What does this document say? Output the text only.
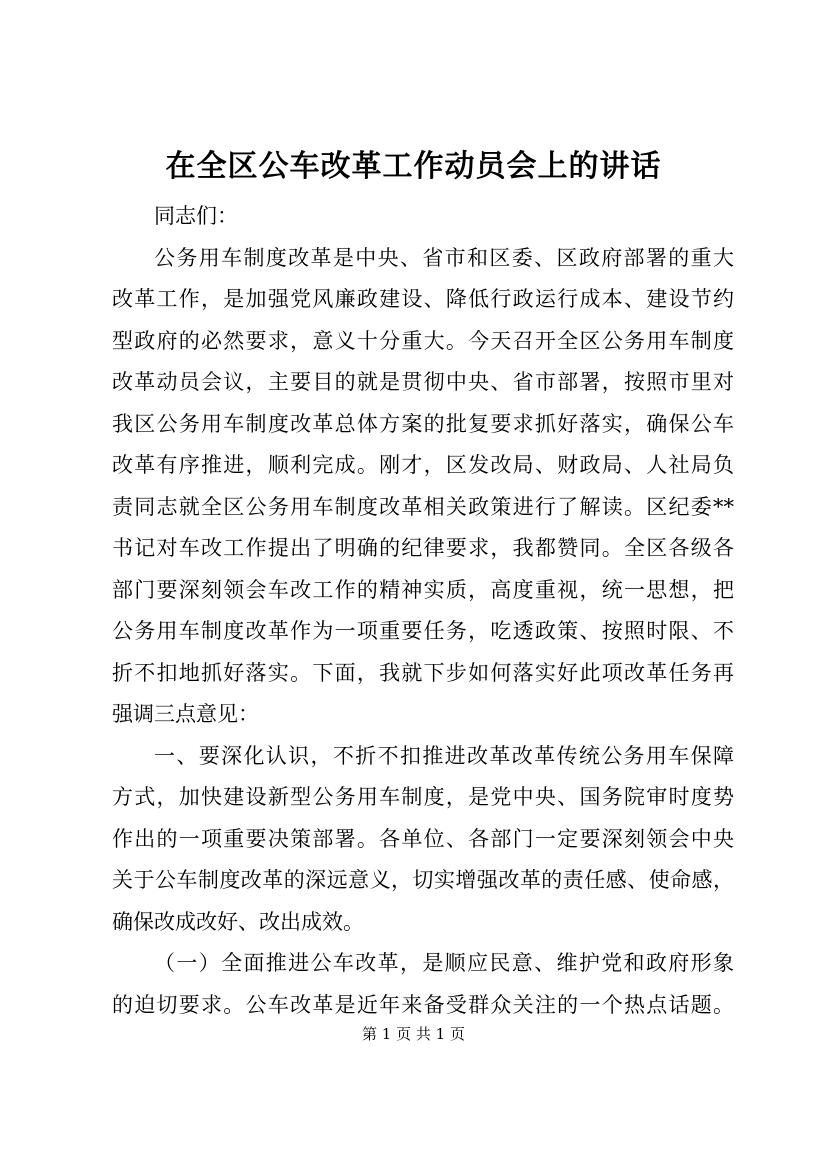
在全区公车改革工作动员会上的讲话
同志们：
公务用车制度改革是中央、省市和区委、区政府部署的重大
改革工作，是加强党风廉政建设、降低行政运行成本、建设节约
型政府的必然要求，意义十分重大。今天召开全区公务用车制度
改革动员会议，主要目的就是贯彻中央、省市部署，按照市里对
我区公务用车制度改革总体方案的批复要求抓好落实，确保公车
改革有序推进，顺利完成。刚才，区发改局、财政局、人社局负
责同志就全区公务用车制度改革相关政策进行了解读。区纪委**
书记对车改工作提出了明确的纪律要求，我都赞同。全区各级各
部门要深刻领会车改工作的精神实质，高度重视，统一思想，把
公务用车制度改革作为一项重要任务，吃透政策、按照时限、不
折不扣地抓好落实。下面，我就下步如何落实好此项改革任务再
强调三点意见：
一、要深化认识，不折不扣推进改革改革传统公务用车保障
方式，加快建设新型公务用车制度，是党中央、国务院审时度势
作出的一项重要决策部署。各单位、各部门一定要深刻领会中央
关于公车制度改革的深远意义，切实增强改革的责任感、使命感，
确保改成改好、改出成效。
（一）全面推进公车改革，是顺应民意、维护党和政府形象
的迫切要求。公车改革是近年来备受群众关注的一个热点话题。
第 1 页 共 1 页
